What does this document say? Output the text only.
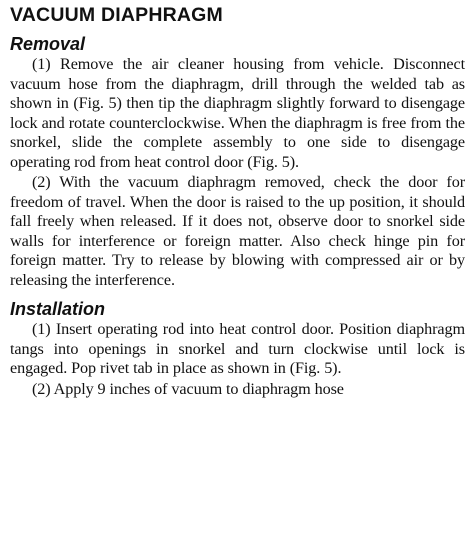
VACUUM DIAPHRAGM
Removal

(1) Remove the air cleaner housing from vehicle. Disconnect vacuum hose from the diaphragm, drill through the welded tab as shown in (Fig. 5) then tip the diaphragm slightly forward to disengage lock and rotate counterclockwise. When the diaphragm is free from the snorkel, slide the complete assembly to one side to disengage operating rod from heat control door (Fig. 5).

(2) With the vacuum diaphragm removed, check the door for freedom of travel. When the door is raised to the up position, it should fall freely when released. If it does not, observe door to snorkel side walls for interference or foreign matter. Also check hinge pin for foreign matter. Try to release by blowing with compressed air or by releasing the interference.

Installation

(1) Insert operating rod into heat control door. Position diaphragm tangs into openings in snorkel and turn clockwise until lock is engaged. Pop rivet tab in place as shown in (Fig. 5).

(2) Apply 9 inches of vacuum to diaphragm hose
